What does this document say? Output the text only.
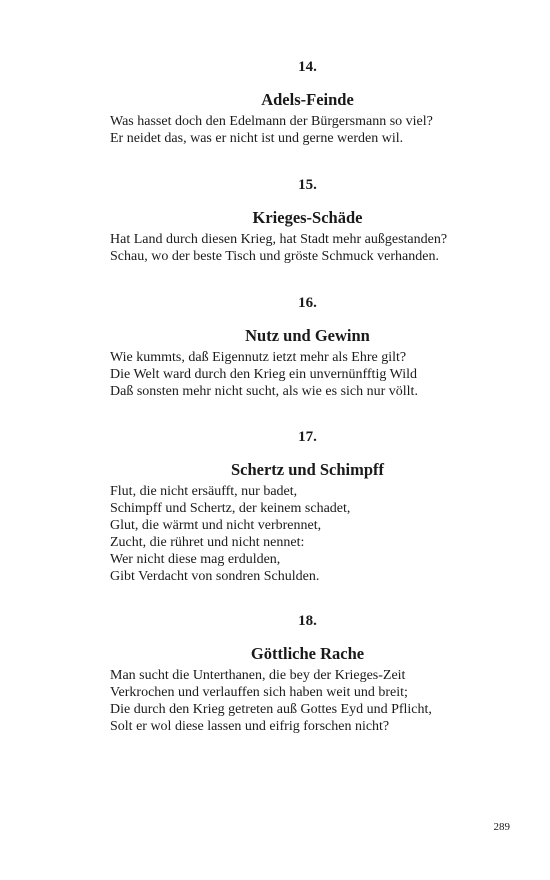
14.

Adels-Feinde

Was hasset doch den Edelmann der Bürgersmann so viel?

Er neidet das, was er nicht ist und gerne werden wil.

15.

Krieges-Schäde

Hat Land durch diesen Krieg, hat Stadt mehr außgestanden?

Schau, wo der beste Tisch und gröste Schmuck verhanden.

16.

Nutz und Gewinn

Wie kummts, daß Eigennutz ietzt mehr als Ehre gilt?

Die Welt ward durch den Krieg ein unvernünfftig Wild

Daß sonsten mehr nicht sucht, als wie es sich nur völlt.

17.

Schertz und Schimpff

Flut, die nicht ersäufft, nur badet,

Schimpff und Schertz, der keinem schadet,

Glut, die wärmt und nicht verbrennet,

Zucht, die rühret und nicht nennet:

Wer nicht diese mag erdulden,

Gibt Verdacht von sondren Schulden.

18.

Göttliche Rache

Man sucht die Unterthanen, die bey der Krieges-Zeit

Verkrochen und verlauffen sich haben weit und breit;

Die durch den Krieg getreten auß Gottes Eyd und Pflicht,

Solt er wol diese lassen und eifrig forschen nicht?

289
